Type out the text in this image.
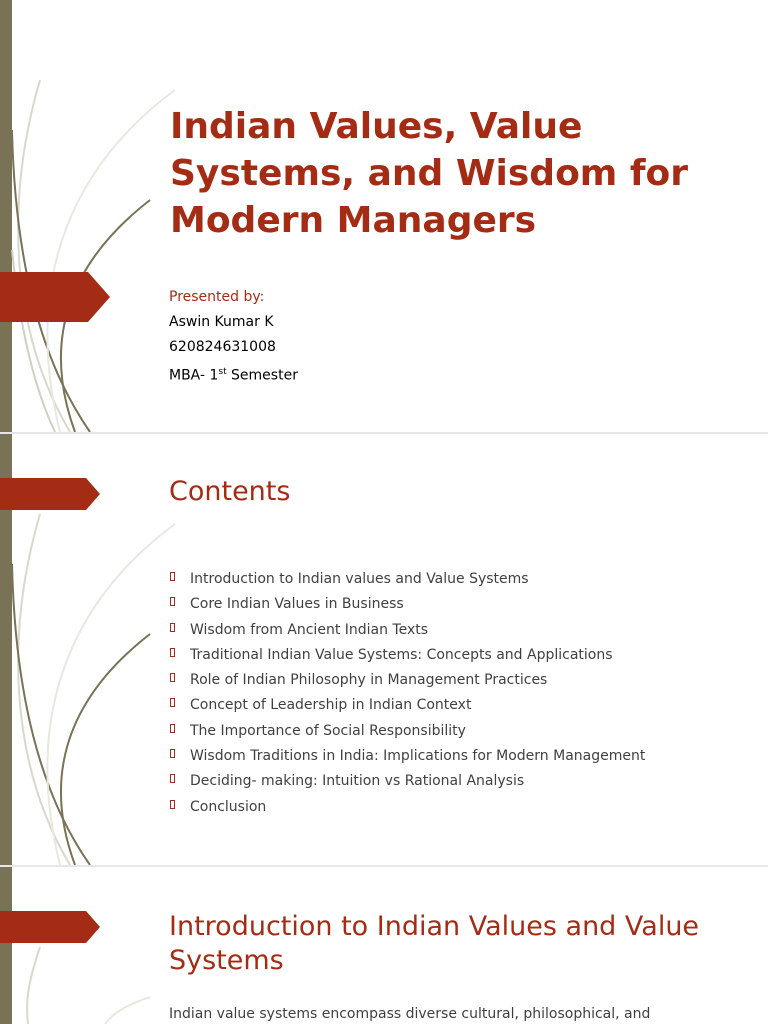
Indian Values, Value Systems, and Wisdom for Modern Managers
Presented by:
Aswin Kumar K
620824631008
MBA- 1st Semester
Contents
Introduction to Indian values and Value Systems
Core Indian Values in Business
Wisdom from Ancient Indian Texts
Traditional Indian Value Systems: Concepts and Applications
Role of Indian Philosophy in Management Practices
Concept of Leadership in Indian Context
The Importance of Social Responsibility
Wisdom Traditions in India: Implications for Modern Management
Deciding- making: Intuition vs Rational Analysis
Conclusion
Introduction to Indian Values and Value Systems
Indian value systems encompass diverse cultural, philosophical, and
